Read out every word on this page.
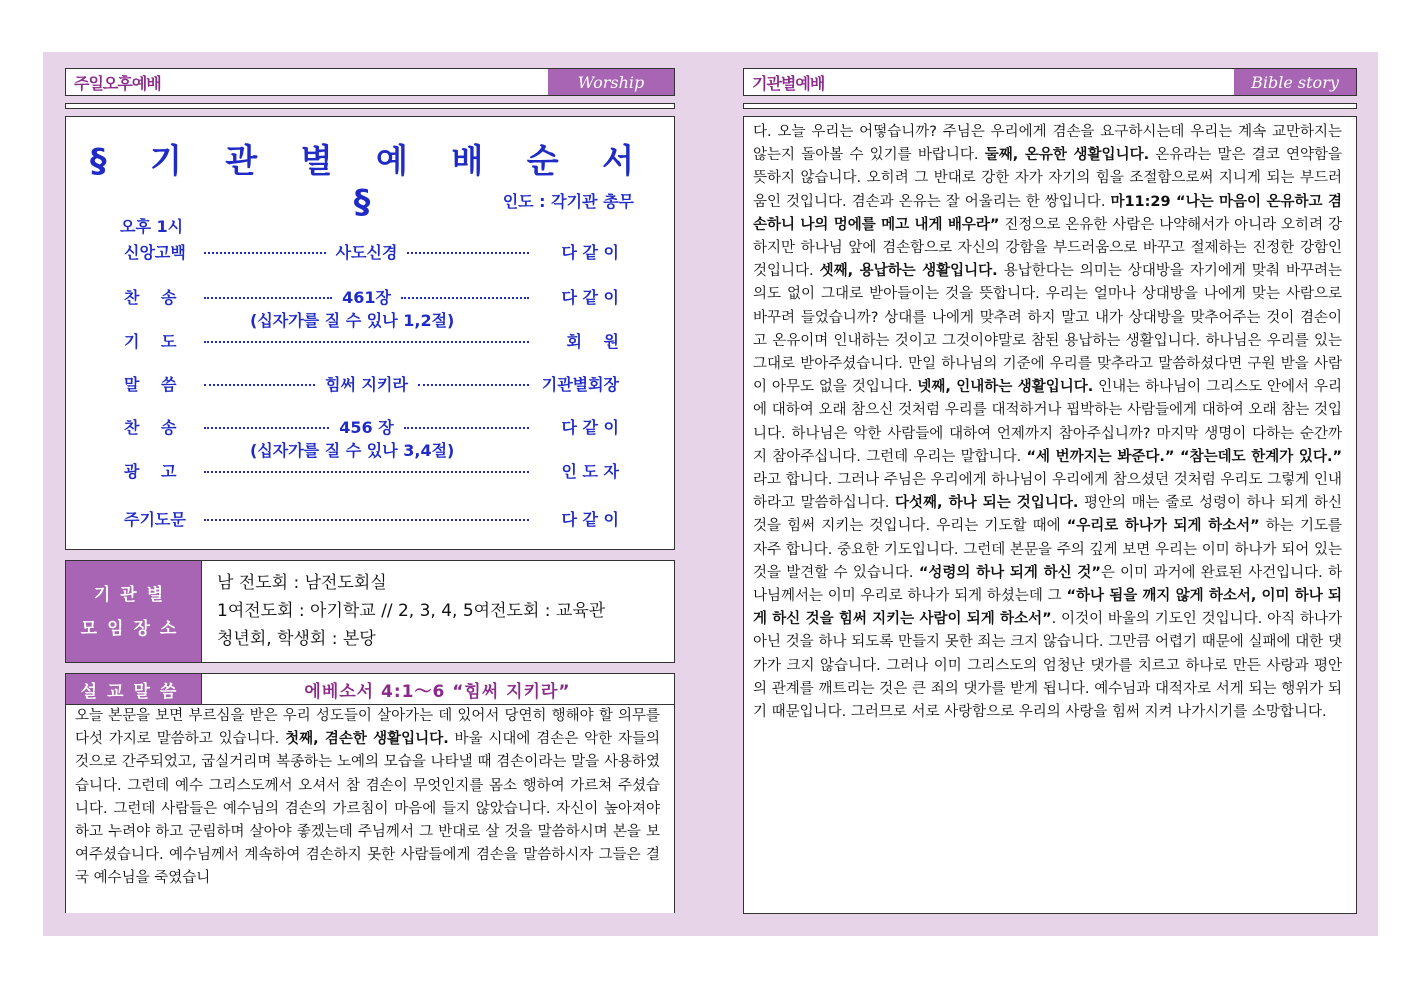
주일오후예배	Worship
§ 기 관 별 예 배 순 서 §	인도 : 각기관 총무
오후 1시
신앙고백	사도신경	다 같 이
찬　 송	461장	다 같 이
(십자가를 질 수 있나 1,2절)
기　 도	회　 원
말　 씀	힘써 지키라	기관별회장
찬　 송	456 장	다 같 이
(십자가를 질 수 있나 3,4절)
광　 고	인 도 자
주기도문	다 같 이
기관별
모임장소
남 전도회 : 남전도회실
1여전도회 : 아기학교 // 2, 3, 4, 5여전도회 : 교육관
청년회, 학생회 : 본당
설교말씀	에베소서 4:1～6 “힘써 지키라”
오늘 본문을 보면 부르심을 받은 우리 성도들이 살아가는 데 있어서 당연히 행해야 할 의무를 다섯 가지로 말씀하고 있습니다. 첫째, 겸손한 생활입니다. 바울 시대에 겸손은 악한 자들의 것으로 간주되었고, 굽실거리며 복종하는 노예의 모습을 나타낼 때 겸손이라는 말을 사용하였습니다. 그런데 예수 그리스도께서 오셔서 참 겸손이 무엇인지를 몸소 행하여 가르쳐 주셨습니다. 그런데 사람들은 예수님의 겸손의 가르침이 마음에 들지 않았습니다. 자신이 높아져야 하고 누려야 하고 군림하며 살아야 좋겠는데 주님께서 그 반대로 살 것을 말씀하시며 본을 보여주셨습니다. 예수님께서 계속하여 겸손하지 못한 사람들에게 겸손을 말씀하시자 그들은 결국 예수님을 죽였습니
기관별예배	Bible story
다. 오늘 우리는 어떻습니까? 주님은 우리에게 겸손을 요구하시는데 우리는 계속 교만하지는 않는지 돌아볼 수 있기를 바랍니다. 둘째, 온유한 생활입니다. 온유라는 말은 결코 연약함을 뜻하지 않습니다. 오히려 그 반대로 강한 자가 자기의 힘을 조절함으로써 지니게 되는 부드러움인 것입니다. 겸손과 온유는 잘 어울리는 한 쌍입니다. 마11:29 “나는 마음이 온유하고 겸손하니 나의 멍에를 메고 내게 배우라” 진정으로 온유한 사람은 나약해서가 아니라 오히려 강하지만 하나님 앞에 겸손함으로 자신의 강함을 부드러움으로 바꾸고 절제하는 진정한 강함인것입니다. 셋째, 용납하는 생활입니다. 용납한다는 의미는 상대방을 자기에게 맞춰 바꾸려는 의도 없이 그대로 받아들이는 것을 뜻합니다. 우리는 얼마나 상대방을 나에게 맞는 사람으로 바꾸려 들었습니까? 상대를 나에게 맞추려 하지 말고 내가 상대방을 맞추어주는 것이 겸손이고 온유이며 인내하는 것이고 그것이야말로 참된 용납하는 생활입니다. 하나님은 우리를 있는 그대로 받아주셨습니다. 만일 하나님의 기준에 우리를 맞추라고 말씀하셨다면 구원 받을 사람이 아무도 없을 것입니다. 넷째, 인내하는 생활입니다. 인내는 하나님이 그리스도 안에서 우리에 대하여 오래 참으신 것처럼 우리를 대적하거나 핍박하는 사람들에게 대하여 오래 참는 것입니다. 하나님은 악한 사람들에 대하여 언제까지 참아주십니까? 마지막 생명이 다하는 순간까지 참아주십니다. 그런데 우리는 말합니다. “세 번까지는 봐준다.” “참는데도 한계가 있다.” 라고 합니다. 그러나 주님은 우리에게 하나님이 우리에게 참으셨던 것처럼 우리도 그렇게 인내하라고 말씀하십니다. 다섯째, 하나 되는 것입니다. 평안의 매는 줄로 성령이 하나 되게 하신 것을 힘써 지키는 것입니다. 우리는 기도할 때에 “우리로 하나가 되게 하소서” 하는 기도를 자주 합니다. 중요한 기도입니다. 그런데 본문을 주의 깊게 보면 우리는 이미 하나가 되어 있는 것을 발견할 수 있습니다. “성령의 하나 되게 하신 것”은 이미 과거에 완료된 사건입니다. 하나님께서는 이미 우리로 하나가 되게 하셨는데 그 “하나 됨을 깨지 않게 하소서, 이미 하나 되게 하신 것을 힘써 지키는 사람이 되게 하소서”. 이것이 바울의 기도인 것입니다. 아직 하나가 아닌 것을 하나 되도록 만들지 못한 죄는 크지 않습니다. 그만큼 어렵기 때문에 실패에 대한 댓가가 크지 않습니다. 그러나 이미 그리스도의 엄청난 댓가를 치르고 하나로 만든 사랑과 평안의 관계를 깨트리는 것은 큰 죄의 댓가를 받게 됩니다. 예수님과 대적자로 서게 되는 행위가 되기 때문입니다. 그러므로 서로 사랑함으로 우리의 사랑을 힘써 지켜 나가시기를 소망합니다.
